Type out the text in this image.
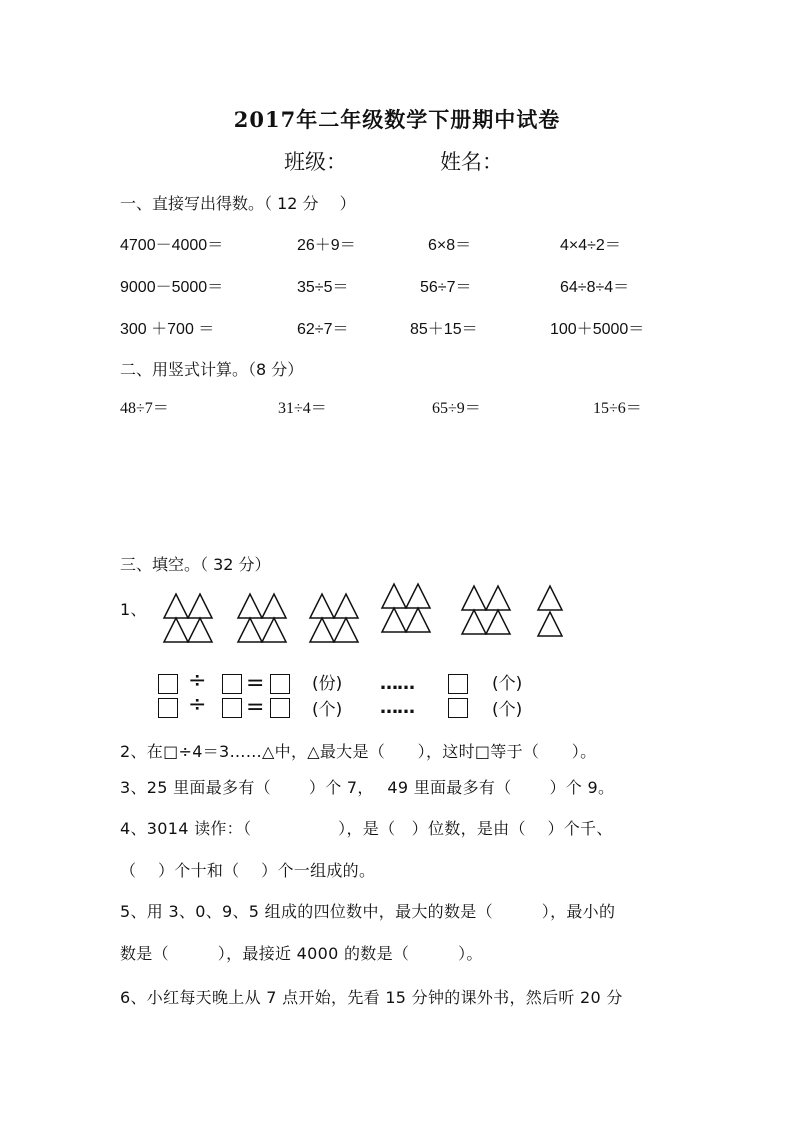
2017年二年级数学下册期中试卷
班级：	姓名：
一、直接写出得数。（ 12 分 　）
4700－4000＝	26＋9＝	6×8＝	4×4÷2＝
9000－5000＝	35÷5＝	56÷7＝	64÷8÷4＝
300 ＋700 ＝	62÷7＝	85＋15＝	100＋5000＝
二、用竖式计算。（8 分）
48÷7＝	31÷4＝	65÷9＝	15÷6＝
三、填空。（ 32 分）
1、
÷ =	(份) ……	(个)
÷ =	(个) ……	(个)
2、在□÷4＝3……△中，△最大是（　　），这时□等于（　　）。
3、25 里面最多有（　　 ）个 7，　 49 里面最多有（　　 ）个 9。
4、3014 读作：（　　　　　 ），是（　）位数，是由（　 ）个千、
（　 ）个十和（　 ）个一组成的。
5、用 3、0、9、5 组成的四位数中，最大的数是（　　　），最小的
数是（　　　），最接近 4000 的数是（　　　）。
6、小红每天晚上从 7 点开始，先看 15 分钟的课外书，然后听 20 分
